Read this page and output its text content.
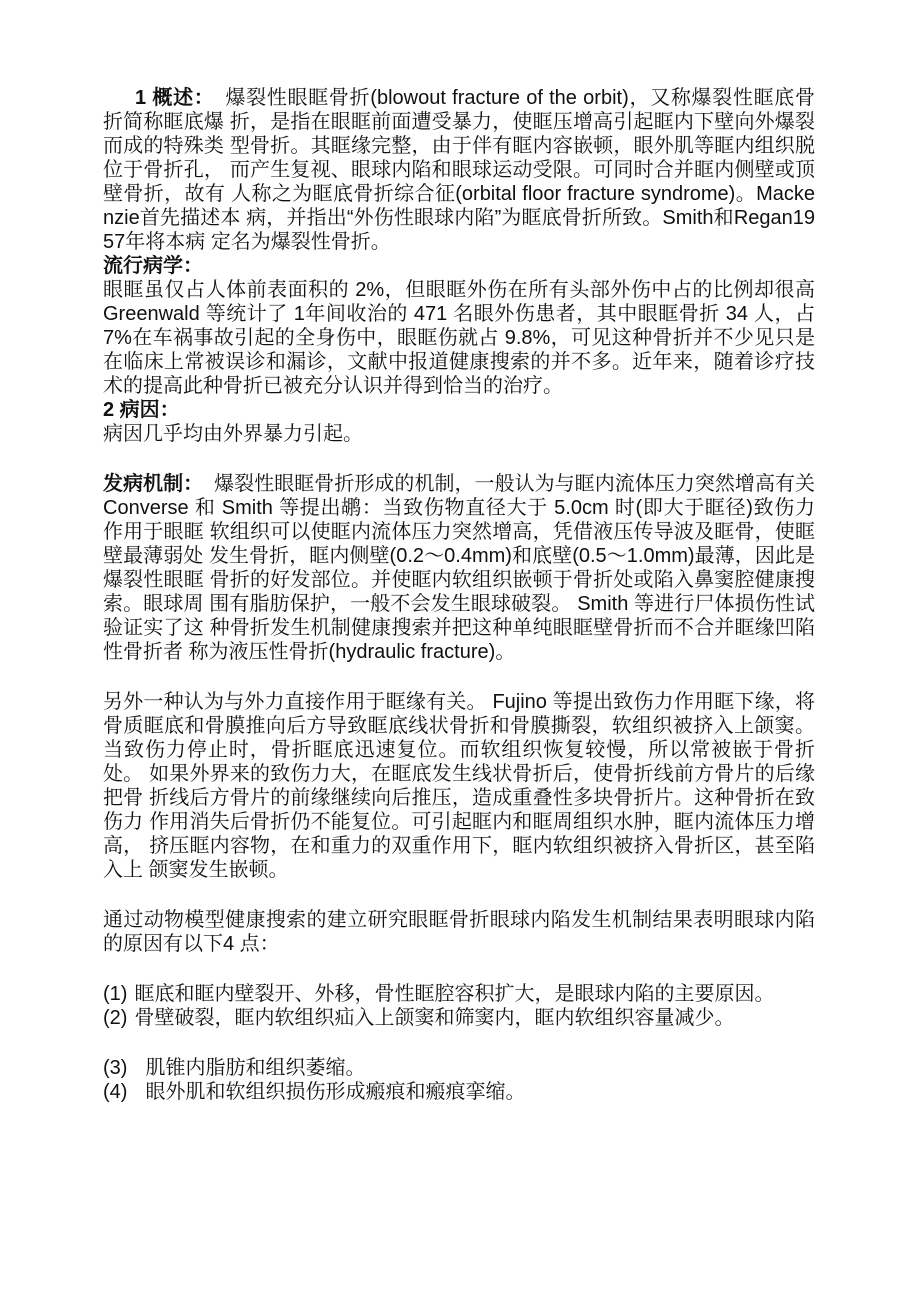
1 概述： 爆裂性眼眶骨折(blowout fracture of the orbit)，又称爆裂性眶底骨折简称眶底爆 折，是指在眼眶前面遭受暴力，使眶压增高引起眶内下壁向外爆裂而成的特殊类 型骨折。其眶缘完整，由于伴有眶内容嵌顿，眼外肌等眶内组织脱位于骨折孔， 而产生复视、眼球内陷和眼球运动受限。可同时合并眶内侧壁或顶壁骨折，故有 人称之为眶底骨折综合征(orbital floor fracture syndrome)。Mackenzie首先描述本 病，并指出“外伤性眼球内陷”为眶底骨折所致。Smith和Regan1957年将本病 定名为爆裂性骨折。

流行病学：

眼眶虽仅占人体前表面积的 2%，但眼眶外伤在所有头部外伤中占的比例却很高 Greenwald 等统计了 1年间收治的 471 名眼外伤患者，其中眼眶骨折 34 人，占 7%在车祸事故引起的全身伤中，眼眶伤就占 9.8%，可见这种骨折并不少见只是在临床上常被误诊和漏诊，文献中报道健康搜索的并不多。近年来，随着诊疗技术的提高此种骨折已被充分认识并得到恰当的治疗。

2 病因：

病因几乎均由外界暴力引起。

发病机制： 爆裂性眼眶骨折形成的机制，一般认为与眶内流体压力突然增高有关 Converse 和 Smith 等提出鹕：当致伤物直径大于 5.0cm 时(即大于眶径)致伤力作用于眼眶 软组织可以使眶内流体压力突然增高，凭借液压传导波及眶骨，使眶壁最薄弱处 发生骨折，眶内侧壁(0.2～0.4mm)和底壁(0.5～1.0mm)最薄，因此是爆裂性眼眶 骨折的好发部位。并使眶内软组织嵌顿于骨折处或陷入鼻窦腔健康搜索。眼球周 围有脂肪保护，一般不会发生眼球破裂。 Smith 等进行尸体损伤性试验证实了这 种骨折发生机制健康搜索并把这种单纯眼眶壁骨折而不合并眶缘凹陷性骨折者 称为液压性骨折(hydraulic fracture)。

另外一种认为与外力直接作用于眶缘有关。 Fujino 等提出致伤力作用眶下缘，将骨质眶底和骨膜推向后方导致眶底线状骨折和骨膜撕裂，软组织被挤入上颌窦。当致伤力停止时，骨折眶底迅速复位。而软组织恢复较慢，所以常被嵌于骨折处。 如果外界来的致伤力大，在眶底发生线状骨折后，使骨折线前方骨片的后缘把骨 折线后方骨片的前缘继续向后推压，造成重叠性多块骨折片。这种骨折在致伤力 作用消失后骨折仍不能复位。可引起眶内和眶周组织水肿，眶内流体压力增高， 挤压眶内容物，在和重力的双重作用下，眶内软组织被挤入骨折区，甚至陷入上 颌窦发生嵌顿。

通过动物模型健康搜索的建立研究眼眶骨折眼球内陷发生机制结果表明眼球内陷的原因有以下4 点：

(1) 眶底和眶内壁裂开、外移，骨性眶腔容积扩大，是眼球内陷的主要原因。
(2) 骨壁破裂，眶内软组织疝入上颌窦和筛窦内，眶内软组织容量减少。
(3) 肌锥内脂肪和组织萎缩。
(4) 眼外肌和软组织损伤形成瘢痕和瘢痕挛缩。
